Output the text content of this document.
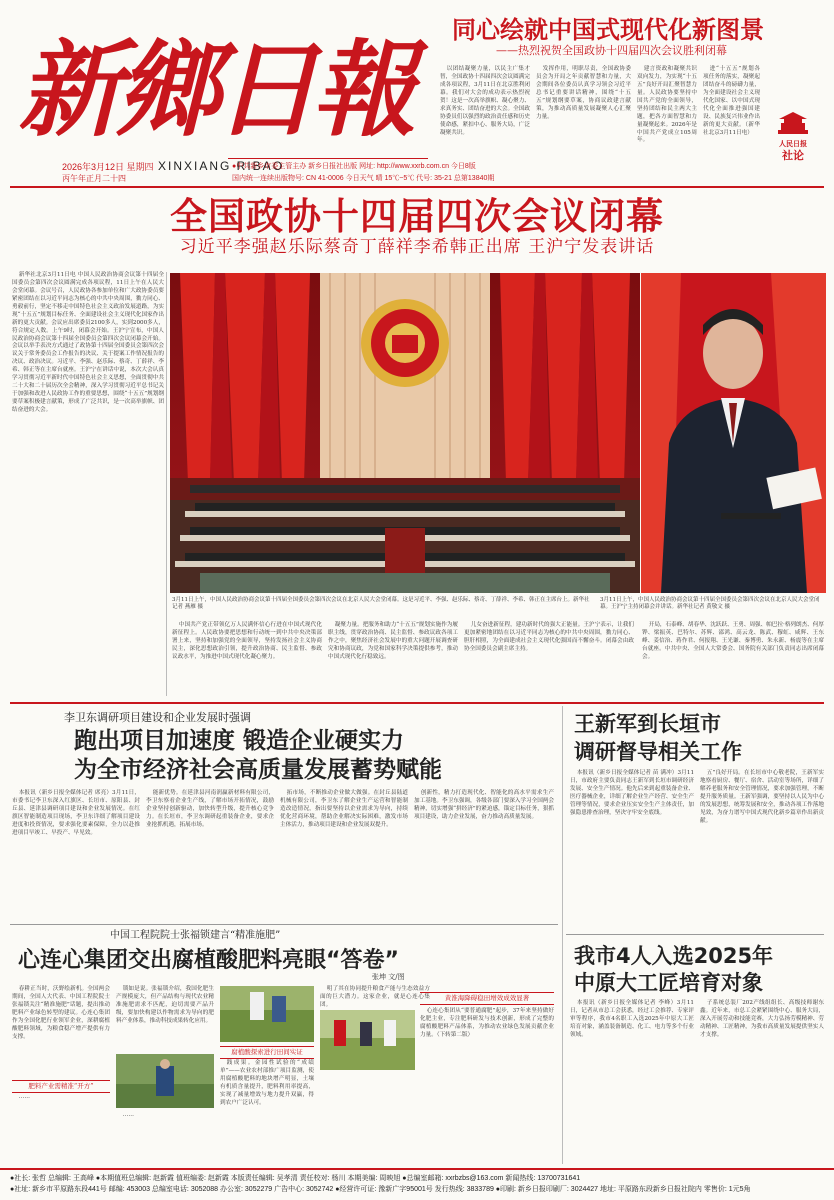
新鄉日報
XINXIANG RIBAO
2026年3月12日 星期四
丙午年正月二十四
●中共新乡市委主管主办 新乡日报社出版 网址: http://www.xxrb.com.cn 今日8版
国内统一连续出版物号: CN 41-0006 今日天气 晴 15℃~5℃ 代号: 35-21 总第13840期
同心绘就中国式现代化新图景
——热烈祝贺全国政协十四届四次会议胜利闭幕

以团结凝聚力量，以民主广集才智，全国政协十四届四次会议圆满完成各项议程，3月11日在北京胜利闭幕。我们对大会的成功表示热烈祝贺！这是一次高举旗帜、凝心聚力、求真务实、团结奋进的大会。全国政协委员们以强烈的政治责任感和历史使命感，紧扣中心、服务大局，广泛凝聚共识。

发挥作用，明职尽责，全国政协委员会为开局之年贡献智慧和力量，大会期间各位委员认真学习领会习近平总书记重要讲话精神，围绕“十五五”规划纲要草案，协商议政建言献策，为推动高质量发展凝聚人心汇聚力量。

建言资政和凝聚共识双向发力，为实现“十五五”良好开局汇聚智慧力量。人民政协要坚持中国共产党的全面领导，坚持团结和民主两大主题，把各方面智慧和力量凝聚起来。2026年是中国共产党成立105周年。

进“十五五”规划各项任务的落实，凝聚起团结奋斗的磅礴力量，为全面建设社会主义现代化国家、以中国式现代化全面推进强国建设、民族复兴伟业作出新的更大贡献。（新华社北京3月11日电）

人民日报
社论
全国政协十四届四次会议闭幕
习近平李强赵乐际蔡奇丁薛祥李希韩正出席 王沪宁发表讲话

新华社北京3月11日电 中国人民政治协商会议第十四届全国委员会第四次会议圆满完成各项议程，11日上午在人民大会堂闭幕。会议号召，人民政协各参加单位和广大政协委员要紧密团结在以习近平同志为核心的中共中央周围，勠力同心、勇毅前行，坚定不移走中国特色社会主义政治发展道路，为实现“十五五”规划目标任务、全面建设社会主义现代化国家作出新的更大贡献。会议应出席委员2100多人，实到2000多人，符合规定人数。上午9时，闭幕会开始。王沪宁宣布，中国人民政治协商会议第十四届全国委员会第四次会议闭幕会开始。会议以举手表决方式通过了政协第十四届全国委员会第四次会议关于常务委员会工作报告的决议、关于提案工作情况报告的决议、政治决议。习近平、李强、赵乐际、蔡奇、丁薛祥、李希、韩正等在主席台就座。王沪宁在讲话中说，本次大会认真学习贯彻习近平新时代中国特色社会主义思想，全面贯彻中共二十大和二十届历次全会精神，深入学习贯彻习近平总书记关于加强和改进人民政协工作的重要思想，围绕“十五五”规划纲要草案积极建言献策，形成了广泛共识，是一次高举旗帜、团结奋进的大会。

3月11日上午，中国人民政治协商会议第十四届全国委员会第四次会议在北京人民大会堂闭幕。这是习近平、李强、赵乐际、蔡奇、丁薛祥、李希、韩正在主席台上。新华社记者 燕雁 摄
3月11日上午，中国人民政治协商会议第十四届全国委员会第四次会议在北京人民大会堂闭幕。王沪宁主持闭幕会并讲话。新华社记者 黄敬文 摄

中国共产党正带领亿万人民满怀信心行进在中国式现代化新征程上。人民政协要把思想和行动统一到中共中央决策部署上来，坚持和加强党的全面领导，坚持发扬社会主义协商民主，深化思想政治引领，提升政治协商、民主监督、参政议政水平，为推进中国式现代化凝心聚力。

凝聚力量。把服务和助力“十五五”规划实施作为履职主线，贯穿政治协商、民主监督、参政议政各项工作之中，聚焦经济社会发展中的重大问题开展调查研究和协商议政，为党和国家科学决策提供参考，推动中国式现代化行稳致远。

儿女奋进新征程，建功新时代的强大正能量。王沪宁表示，让我们更加紧密地团结在以习近平同志为核心的中共中央周围，勠力同心、胆肝相照，为全面建成社会主义现代化强国而不懈奋斗。闭幕会由政协全国委员会副主席主持。

开局，石泰峰、胡春华、沈跃跃、王勇、周强、帕巴拉·格列朗杰、何厚铧、梁振英、巴特尔、苏辉、邵鸿、高云龙、陈武、穆虹、咸辉、王东峰、姜信治、蒋作君、何报翔、王光谦、秦博勇、朱永新、杨震等在主席台就座。中共中央、全国人大常委会、国务院有关部门负责同志出席闭幕会。

李卫东调研项目建设和企业发展时强调
跑出项目加速度 锻造企业硬实力
为全市经济社会高质量发展蓄势赋能

本报讯（新乡日报全媒体记者 席亮）3月11日，市委书记李卫东深入红旗区、长垣市、原阳县、封丘县、延津县调研项目建设和企业发展情况。在红旗区智能制造项目现场，李卫东详细了解项目建设进度和投资情况，要求强化要素保障，全力以赴推进项目早竣工、早投产、早见效。

能新优势。在延津县河南润赢新材料有限公司，李卫东察看企业生产线，了解市场开拓情况，鼓励企业坚持创新驱动，加快转型升级，提升核心竞争力。在长垣市，李卫东调研起重装备企业，要求企业抢抓机遇，拓展市场。

拓市场，不断推动企业做大做强。在封丘县陆道机械有限公司，李卫东了解企业生产运营和智能制造改造情况，指出要坚持以企业需求为导向，持续优化营商环境，帮助企业解决实际困难，激发市场主体活力，推动项目建设和企业发展双提升。

创新性，精力打造现代化、智能化的高水平需求生产加工基地。李卫东强调，各级各部门要深入学习全国两会精神，切实增强“拼经济”的紧迫感，锚定目标任务，狠抓项目建设，助力企业发展，奋力推动高质量发展。

王新军到长垣市
调研督导相关工作

本报讯（新乡日报全媒体记者 苗 满冲）3月11日，市政府主要负责同志王新军到长垣市调研经济发展、安全生产情况。他先后来到起重装备企业、医疗器械企业，详细了解企业生产经营、安全生产管理等情况，要求企业压实安全生产主体责任，加强隐患排查治理，坚决守牢安全底线。

五”良好开局。在长垣市中心敬老院，王新军实地察看厨房、餐厅、宿舍、活动室等场所，详细了解养老服务和安全管理情况，要求加强管理，不断提升服务质量。王新军强调，要坚持以人民为中心的发展思想，统筹发展和安全，推动各项工作落地见效，为奋力谱写中国式现代化新乡篇章作出新贡献。

中国工程院院士张福锁建言“精准施肥”
心连心集团交出腐植酸肥料亮眼“答卷”
张坤 文/图

春耕正当时，沃野绘新机。全国两会期间，全国人大代表、中国工程院院士张福锁关注“精准施肥”话题，提出推动肥料产业绿色转型的建议。心连心集团作为全国化肥行业领军企业，深耕腐植酸肥料领域，为粮食稳产增产提供有力支撑。

肥料产业需精准“开方”

……

锁如是说。张福锁介绍，我国化肥生产规模庞大，但产品结构与现代农业精准施肥需求不匹配，迫切需要产品升级，要加快构建以作物需求为导向的肥料产业体系，推动科技成果转化应用。

……

腐植酸探索进行田间实证

践成果。金园性试验的“成绩单”——农业农村部推广项目监测，使用腐植酸肥料的地块增产明显，土壤有机质含量提升，肥料利用率提高，实现了减量增效与地力提升双赢，得到农户广泛认可。

明了其在协同提升粮食产能与生态效益方面的巨大潜力。这家企业，就是心连心集团。

黄淮海降碍稳田增效成效显著

心连心集团从“要普通腐肥”起步，37年来坚持做好化肥主业，专注肥料研发与技术创新，形成了完整的腐植酸肥料产品体系，为推动农业绿色发展贡献企业力量。（下转第二版）

我市4人入选2025年
中原大工匠培育对象

本报讯（新乡日报全媒体记者 李峰）3月11日，记者从市总工会获悉，经过工会推荐、专家评审等程序，我市4名职工入选2025年中原大工匠培育对象，涵盖装备制造、化工、电力等多个行业领域。

子系统总装厂202产线组组长、高级技师谢东鑫。近年来，市总工会紧紧围绕中心、服务大局，深入开展劳动和技能竞赛，大力弘扬劳模精神、劳动精神、工匠精神，为我市高质量发展提供坚实人才支撑。

●社长: 张哲 总编辑: 王高峰 ●本期值班总编辑: 赵新霞 值班编委: 赵新霞 本版责任编辑: 吴孝清 责任校对: 杨川 本期美编: 周映旭 ●总编室邮箱: xxrbzbs@163.com 新闻热线: 13700731641
●社址: 新乡市平原路东段441号 邮编: 453003 总编室电话: 3052088 办公室: 3052279 广告中心: 3052742 ●经营许可证: 豫新广字95001号 发行热线: 3833789 ●印刷: 新乡日报印刷厂: 3024427 地址: 平原路东段新乡日报社院内 零售价: 1元5角
